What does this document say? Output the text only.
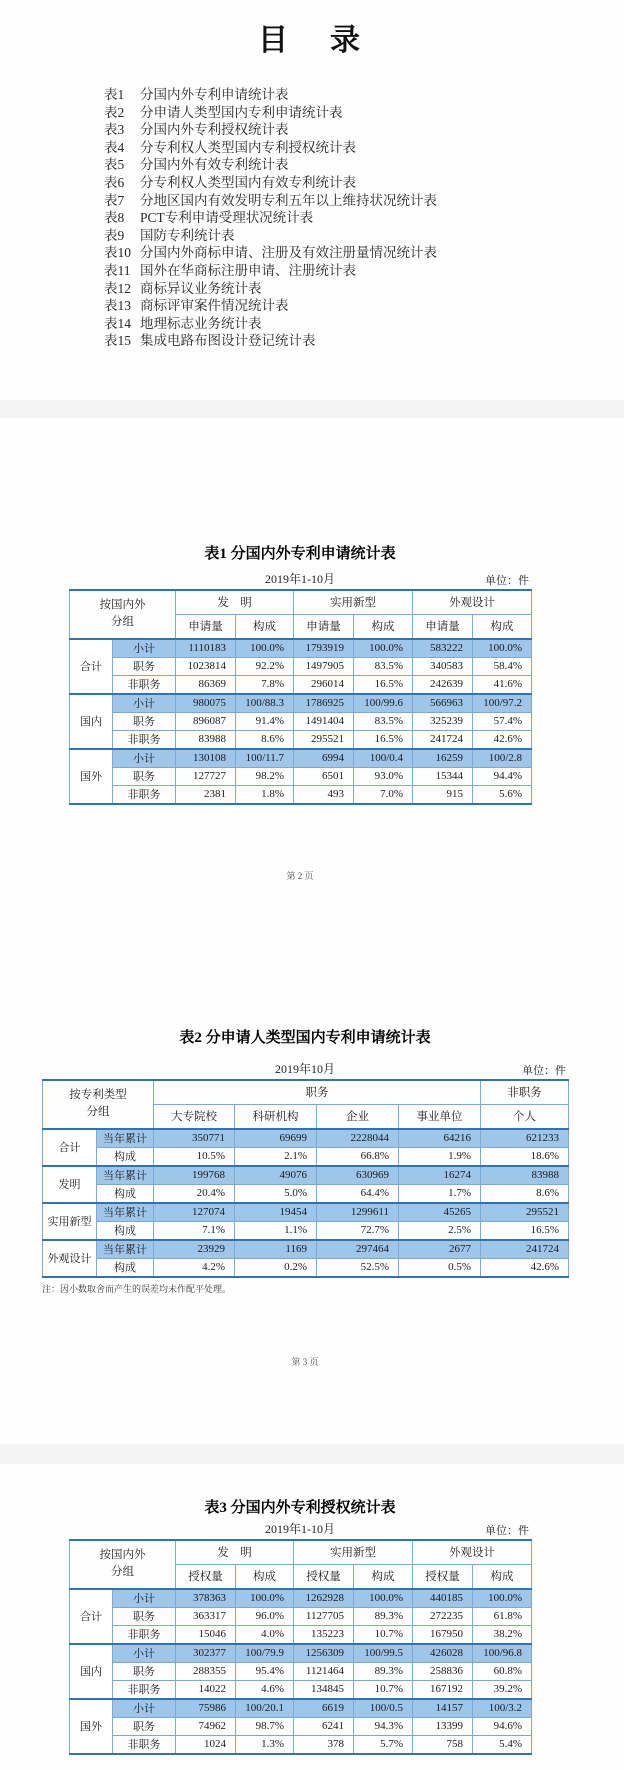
目　录
表1 分国内外专利申请统计表
表2 分申请人类型国内专利申请统计表
表3 分国内外专利授权统计表
表4 分专利权人类型国内专利授权统计表
表5 分国内外有效专利统计表
表6 分专利权人类型国内有效专利统计表
表7 分地区国内有效发明专利五年以上维持状况统计表
表8 PCT专利申请受理状况统计表
表9 国防专利统计表
表10 分国内外商标申请、注册及有效注册量情况统计表
表11 国外在华商标注册申请、注册统计表
表12 商标异议业务统计表
表13 商标评审案件情况统计表
表14 地理标志业务统计表
表15 集成电路布图设计登记统计表
表1 分国内外专利申请统计表
2019年1-10月	单位：件
按国内外
分组		发　明		实用新型		外观设计	
		申请量	构成	申请量	构成	申请量	构成
合计	小计	1110183	100.0%	1793919	100.0%	583222	100.0%
	职务	1023814	92.2%	1497905	83.5%	340583	58.4%
	非职务	86369	7.8%	296014	16.5%	242639	41.6%
国内	小计	980075	100/88.3	1786925	100/99.6	566963	100/97.2
	职务	896087	91.4%	1491404	83.5%	325239	57.4%
	非职务	83988	8.6%	295521	16.5%	241724	42.6%
国外	小计	130108	100/11.7	6994	100/0.4	16259	100/2.8
	职务	127727	98.2%	6501	93.0%	15344	94.4%
	非职务	2381	1.8%	493	7.0%	915	5.6%
第 2 页
表2 分申请人类型国内专利申请统计表
2019年10月	单位：件
按专利类型
分组		职务				非职务
		大专院校	科研机构	企业	事业单位	个人
合计	当年累计	350771	69699	2228044	64216	621233
	构成	10.5%	2.1%	66.8%	1.9%	18.6%
发明	当年累计	199768	49076	630969	16274	83988
	构成	20.4%	5.0%	64.4%	1.7%	8.6%
实用新型	当年累计	127074	19454	1299611	45265	295521
	构成	7.1%	1.1%	72.7%	2.5%	16.5%
外观设计	当年累计	23929	1169	297464	2677	241724
	构成	4.2%	0.2%	52.5%	0.5%	42.6%
注：因小数取舍而产生的误差均未作配平处理。
第 3 页
表3 分国内外专利授权统计表
2019年1-10月	单位：件
按国内外
分组		发　明		实用新型		外观设计	
		授权量	构成	授权量	构成	授权量	构成
合计	小计	378363	100.0%	1262928	100.0%	440185	100.0%
	职务	363317	96.0%	1127705	89.3%	272235	61.8%
	非职务	15046	4.0%	135223	10.7%	167950	38.2%
国内	小计	302377	100/79.9	1256309	100/99.5	426028	100/96.8
	职务	288355	95.4%	1121464	89.3%	258836	60.8%
	非职务	14022	4.6%	134845	10.7%	167192	39.2%
国外	小计	75986	100/20.1	6619	100/0.5	14157	100/3.2
	职务	74962	98.7%	6241	94.3%	13399	94.6%
	非职务	1024	1.3%	378	5.7%	758	5.4%
